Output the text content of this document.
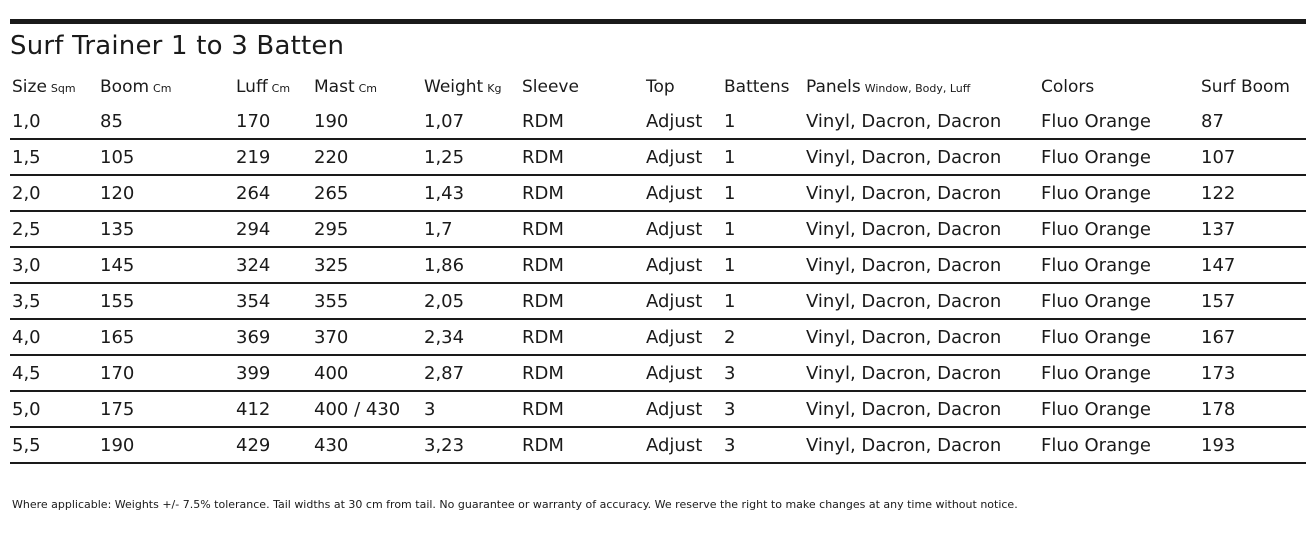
Surf Trainer 1 to 3 Batten
Size Sqm	Boom Cm	Luff Cm	Mast Cm	Weight Kg	Sleeve	Top	Battens	Panels Window, Body, Luff	Colors	Surf Boom
1,0	85	170	190	1,07	RDM	Adjust	1	Vinyl, Dacron, Dacron	Fluo Orange	87
1,5	105	219	220	1,25	RDM	Adjust	1	Vinyl, Dacron, Dacron	Fluo Orange	107
2,0	120	264	265	1,43	RDM	Adjust	1	Vinyl, Dacron, Dacron	Fluo Orange	122
2,5	135	294	295	1,7	RDM	Adjust	1	Vinyl, Dacron, Dacron	Fluo Orange	137
3,0	145	324	325	1,86	RDM	Adjust	1	Vinyl, Dacron, Dacron	Fluo Orange	147
3,5	155	354	355	2,05	RDM	Adjust	1	Vinyl, Dacron, Dacron	Fluo Orange	157
4,0	165	369	370	2,34	RDM	Adjust	2	Vinyl, Dacron, Dacron	Fluo Orange	167
4,5	170	399	400	2,87	RDM	Adjust	3	Vinyl, Dacron, Dacron	Fluo Orange	173
5,0	175	412	400 / 430	3	RDM	Adjust	3	Vinyl, Dacron, Dacron	Fluo Orange	178
5,5	190	429	430	3,23	RDM	Adjust	3	Vinyl, Dacron, Dacron	Fluo Orange	193
Where applicable: Weights +/- 7.5% tolerance. Tail widths at 30 cm from tail. No guarantee or warranty of accuracy. We reserve the right to make changes at any time without notice.
